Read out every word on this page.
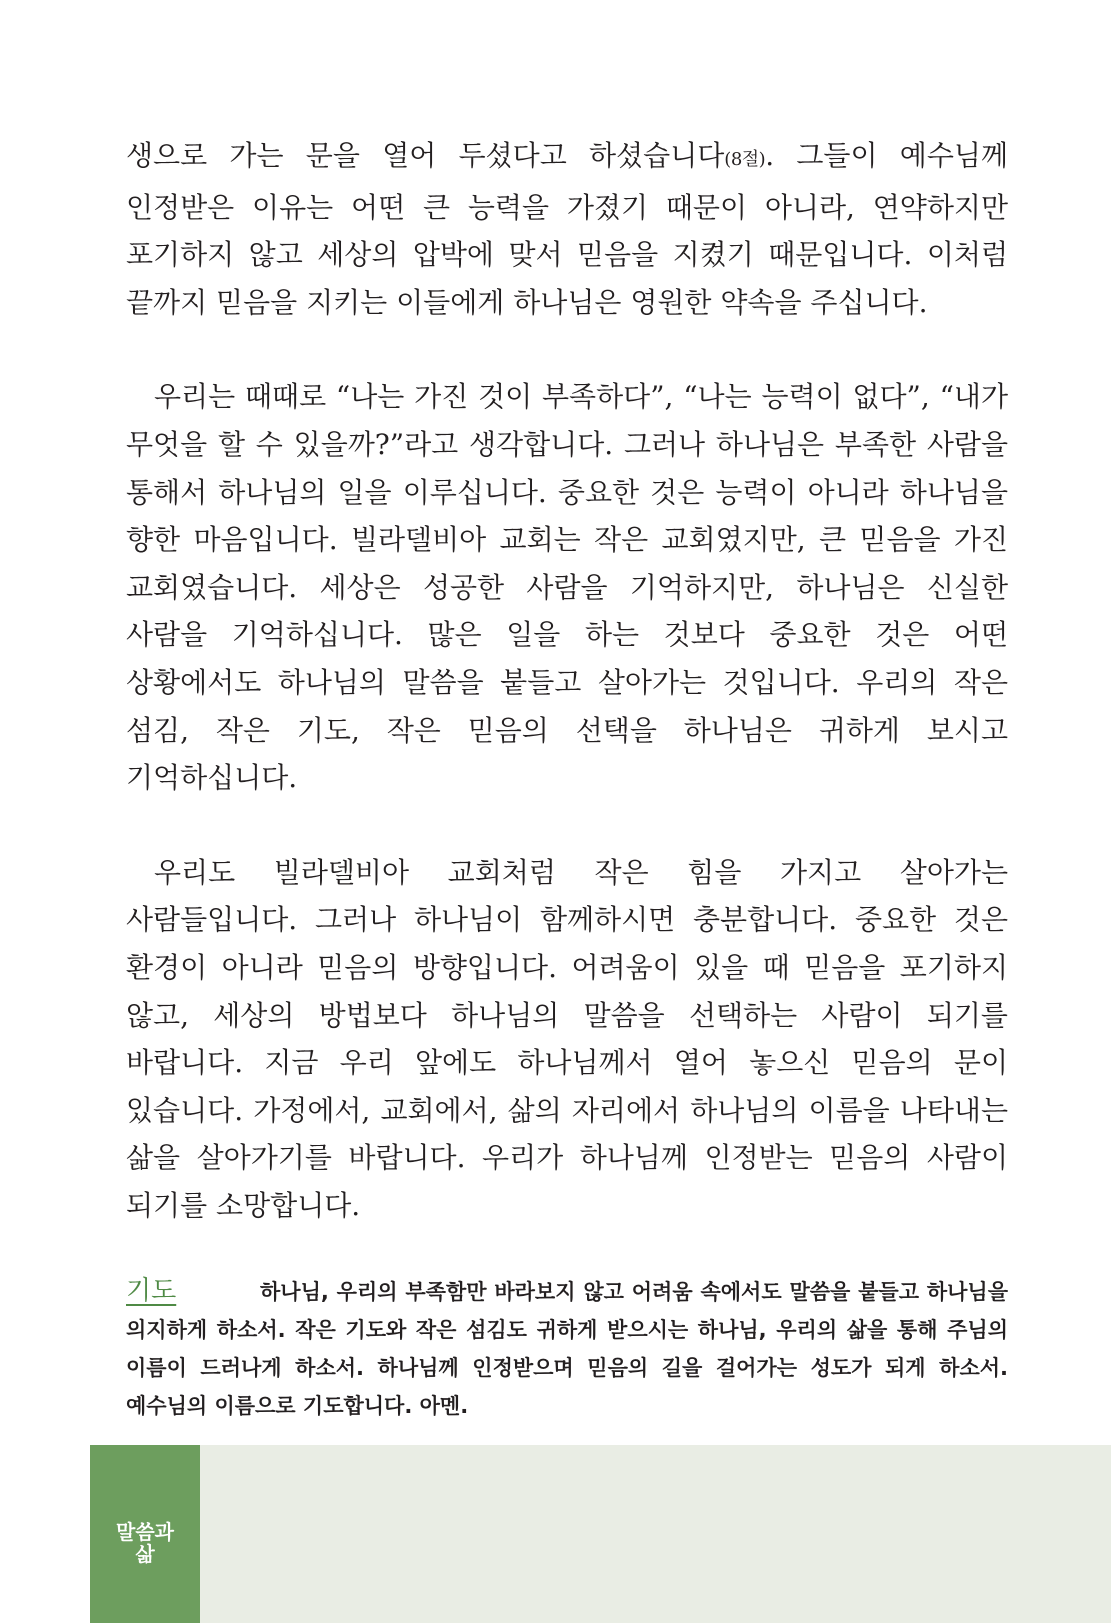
생으로 가는 문을 열어 두셨다고 하셨습니다(8절). 그들이 예수님께 인정받은 이유는 어떤 큰 능력을 가졌기 때문이 아니라, 연약하지만 포기하지 않고 세상의 압박에 맞서 믿음을 지켰기 때문입니다. 이처럼 끝까지 믿음을 지키는 이들에게 하나님은 영원한 약속을 주십니다.

우리는 때때로 “나는 가진 것이 부족하다”, “나는 능력이 없다”, “내가 무엇을 할 수 있을까?”라고 생각합니다. 그러나 하나님은 부족한 사람을 통해서 하나님의 일을 이루십니다. 중요한 것은 능력이 아니라 하나님을 향한 마음입니다. 빌라델비아 교회는 작은 교회였지만, 큰 믿음을 가진 교회였습니다. 세상은 성공한 사람을 기억하지만, 하나님은 신실한 사람을 기억하십니다. 많은 일을 하는 것보다 중요한 것은 어떤 상황에서도 하나님의 말씀을 붙들고 살아가는 것입니다. 우리의 작은 섬김, 작은 기도, 작은 믿음의 선택을 하나님은 귀하게 보시고 기억하십니다.

우리도 빌라델비아 교회처럼 작은 힘을 가지고 살아가는 사람들입니다. 그러나 하나님이 함께하시면 충분합니다. 중요한 것은 환경이 아니라 믿음의 방향입니다. 어려움이 있을 때 믿음을 포기하지 않고, 세상의 방법보다 하나님의 말씀을 선택하는 사람이 되기를 바랍니다. 지금 우리 앞에도 하나님께서 열어 놓으신 믿음의 문이 있습니다. 가정에서, 교회에서, 삶의 자리에서 하나님의 이름을 나타내는 삶을 살아가기를 바랍니다. 우리가 하나님께 인정받는 믿음의 사람이 되기를 소망합니다.

기도	하나님, 우리의 부족함만 바라보지 않고 어려움 속에서도 말씀을 붙들고 하나님을 의지하게 하소서. 작은 기도와 작은 섬김도 귀하게 받으시는 하나님, 우리의 삶을 통해 주님의 이름이 드러나게 하소서. 하나님께 인정받으며 믿음의 길을 걸어가는 성도가 되게 하소서. 예수님의 이름으로 기도합니다. 아멘.
말씀과삶
